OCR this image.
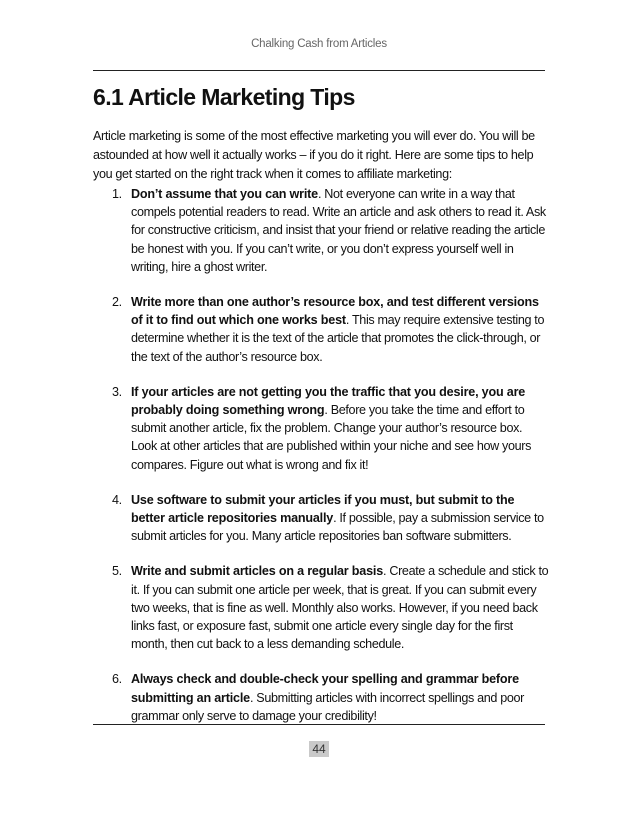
Chalking Cash from Articles
6.1 Article Marketing Tips

Article marketing is some of the most effective marketing you will ever do. You will be astounded at how well it actually works – if you do it right. Here are some tips to help you get started on the right track when it comes to affiliate marketing:

1. Don’t assume that you can write. Not everyone can write in a way that compels potential readers to read. Write an article and ask others to read it. Ask for constructive criticism, and insist that your friend or relative reading the article be honest with you. If you can’t write, or you don’t express yourself well in writing, hire a ghost writer.
2. Write more than one author’s resource box, and test different versions of it to find out which one works best. This may require extensive testing to determine whether it is the text of the article that promotes the click-through, or the text of the author’s resource box.
3. If your articles are not getting you the traffic that you desire, you are probably doing something wrong. Before you take the time and effort to submit another article, fix the problem. Change your author’s resource box. Look at other articles that are published within your niche and see how yours compares. Figure out what is wrong and fix it!
4. Use software to submit your articles if you must, but submit to the better article repositories manually. If possible, pay a submission service to submit articles for you. Many article repositories ban software submitters.
5. Write and submit articles on a regular basis. Create a schedule and stick to it. If you can submit one article per week, that is great. If you can submit every two weeks, that is fine as well. Monthly also works. However, if you need back links fast, or exposure fast, submit one article every single day for the first month, then cut back to a less demanding schedule.
6. Always check and double-check your spelling and grammar before submitting an article. Submitting articles with incorrect spellings and poor grammar only serve to damage your credibility!
44
